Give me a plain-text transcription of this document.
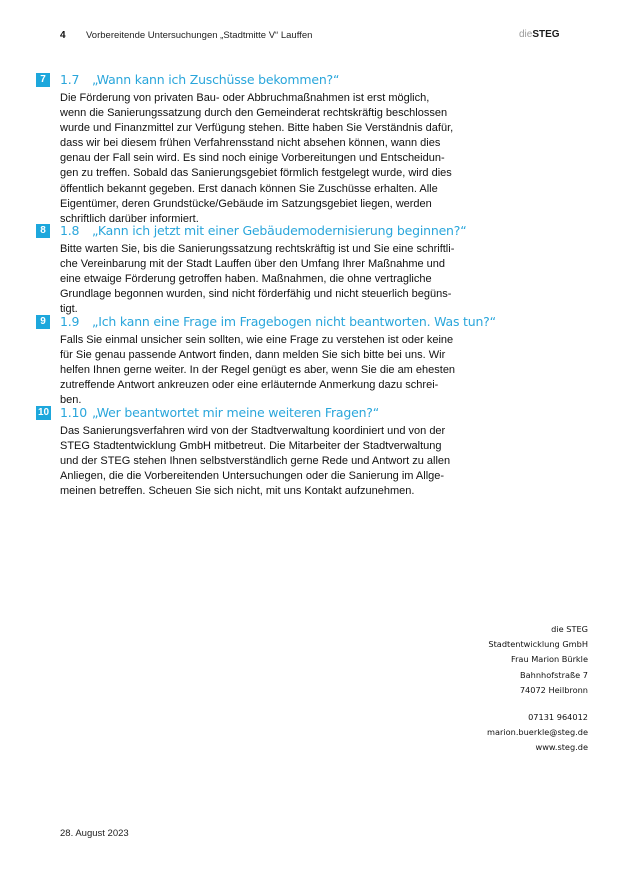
4 Vorbereitende Untersuchungen „Stadtmitte V“ Lauffen	dieSTEG
7	1.7 „Wann kann ich Zuschüsse bekommen?“
Die Förderung von privaten Bau- oder Abbruchmaßnahmen ist erst möglich,
wenn die Sanierungssatzung durch den Gemeinderat rechtskräftig beschlossen
wurde und Finanzmittel zur Verfügung stehen. Bitte haben Sie Verständnis dafür,
dass wir bei diesem frühen Verfahrensstand nicht absehen können, wann dies
genau der Fall sein wird. Es sind noch einige Vorbereitungen und Entscheidun-
gen zu treffen. Sobald das Sanierungsgebiet förmlich festgelegt wurde, wird dies
öffentlich bekannt gegeben. Erst danach können Sie Zuschüsse erhalten. Alle
Eigentümer, deren Grundstücke/Gebäude im Satzungsgebiet liegen, werden
schriftlich darüber informiert.
8	1.8 „Kann ich jetzt mit einer Gebäudemodernisierung beginnen?“
Bitte warten Sie, bis die Sanierungssatzung rechtskräftig ist und Sie eine schriftli-
che Vereinbarung mit der Stadt Lauffen über den Umfang Ihrer Maßnahme und
eine etwaige Förderung getroffen haben. Maßnahmen, die ohne vertragliche
Grundlage begonnen wurden, sind nicht förderfähig und nicht steuerlich begüns-
tigt.
9	1.9 „Ich kann eine Frage im Fragebogen nicht beantworten. Was tun?“
Falls Sie einmal unsicher sein sollten, wie eine Frage zu verstehen ist oder keine
für Sie genau passende Antwort finden, dann melden Sie sich bitte bei uns. Wir
helfen Ihnen gerne weiter. In der Regel genügt es aber, wenn Sie die am ehesten
zutreffende Antwort ankreuzen oder eine erläuternde Anmerkung dazu schrei-
ben.
10 1.10 „Wer beantwortet mir meine weiteren Fragen?“
Das Sanierungsverfahren wird von der Stadtverwaltung koordiniert und von der
STEG Stadtentwicklung GmbH mitbetreut. Die Mitarbeiter der Stadtverwaltung
und der STEG stehen Ihnen selbstverständlich gerne Rede und Antwort zu allen
Anliegen, die die Vorbereitenden Untersuchungen oder die Sanierung im Allge-
meinen betreffen. Scheuen Sie sich nicht, mit uns Kontakt aufzunehmen.
die STEG
Stadtentwicklung GmbH
Frau Marion Bürkle
Bahnhofstraße 7
74072 Heilbronn
07131 964012
marion.buerkle@steg.de
www.steg.de
28. August 2023
